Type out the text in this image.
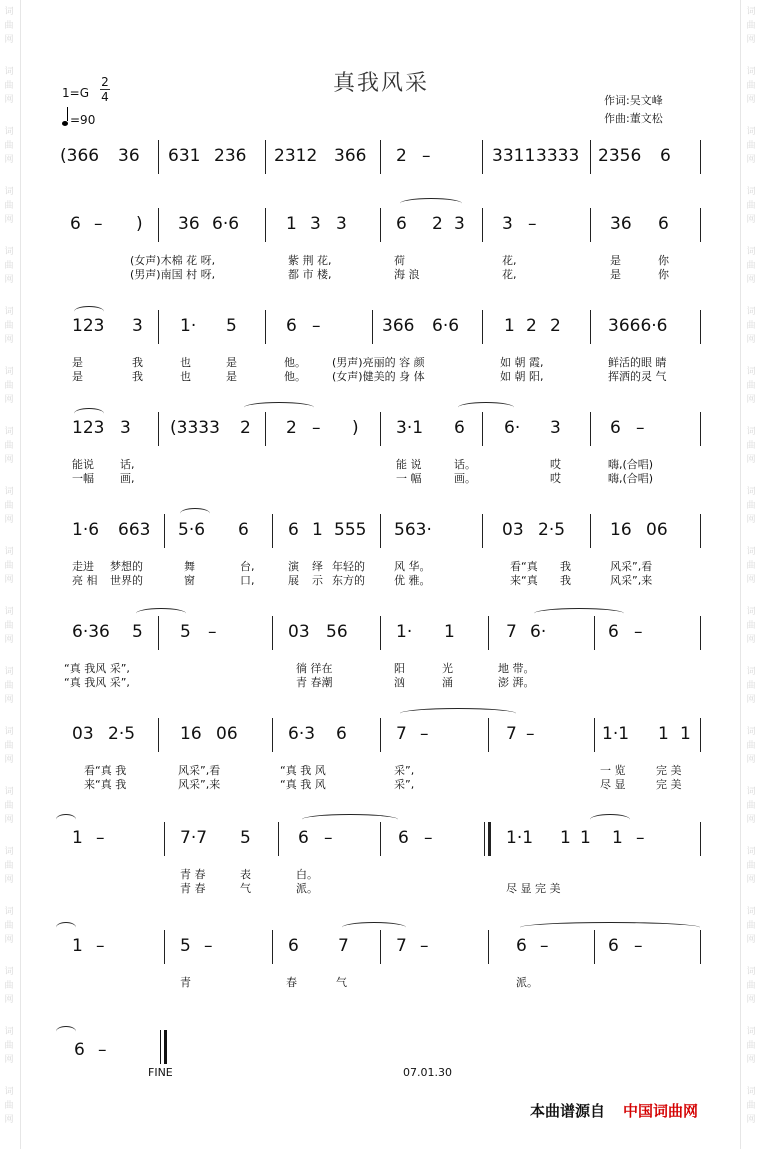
词
曲
网
词
曲
网
词
曲
网
词
曲
网
词
曲
网
词
曲
网
词
曲
网
词
曲
网
词
曲
网
词
曲
网
词
曲
网
词
曲
网
词
曲
网
词
曲
网
词
曲
网
词
曲
网
词
曲
网
词
曲
网
词
曲
网
词
曲
网
词
曲
网
词
曲
网
词
曲
网
词
曲
网
词
曲
网
词
曲
网
词
曲
网
词
曲
网
词
曲
网
词
曲
网
词
曲
网
词
曲
网
词
曲
网
词
曲
网
词
曲
网
词
曲
网
词
曲
网
词
曲
网
真我风采
1=G
2
4
=90
作词:吴文峰
作曲:董文松
(366 36 631 236 2312 366 2 –	3311 3333 2356 6
6 – ) 36 6·6	1 3 3	6 2 3 3 –	36 6
(女声)木棉 花 呀,	紫 荆 花,	荷	花,	是	你
(男声)南国 村 呀,	都 市 楼,	海 浪	花,	是	你
123 3 1· 5	6 –	366 6·6	1 2 2	3666·6
是	我	也	是	他。 (男声)亮丽的 容 颜	如 朝 霞,	鲜活的眼 睛
是	我	也	是	他。 (女声)健美的 身 体	如 朝 阳,	挥洒的灵 气
123 3 (3333 2 2 – ) 3·1 6 6· 3	6 –
能说 话,	能 说	话。	哎	嗨,(合唱)
一幅 画,	一 幅	画。	哎	嗨,(合唱)
1·6 663 5·6 6 6 1 555 563·	03 2·5	16 06
走进 梦想的	舞	台,	演 绎 年轻的	风 华。	看“真 我	风采”,看
亮 相 世界的	窗	口,	展 示 东方的	优 雅。	来“真 我	风采”,来
6·36 5 5 –	03 56	1· 1	7 6·	6 –
“真 我风 采”,	徜 徉在	阳	光	地 带。
“真 我风 采”,	青 春潮	汹	涌	澎 湃。
03 2·5	16 06	6·3 6	7 –	7 –	1·1 1 1
看“真 我	风采”,看	“真 我 风	采”,	一 览	完 美
来“真 我	风采”,来	“真 我 风	采”,	尽 显	完 美
1 –	7·7 5	6 –	6 –	1·1 1 1 1 –
青 春	表	白。
青 春	气	派。	尽 显 完 美
1 –	5 –	6 7	7 –	6 –	6 –
青	春	气	派。
6 –
FINE	07.01.30
本曲谱源自 中国词曲网
